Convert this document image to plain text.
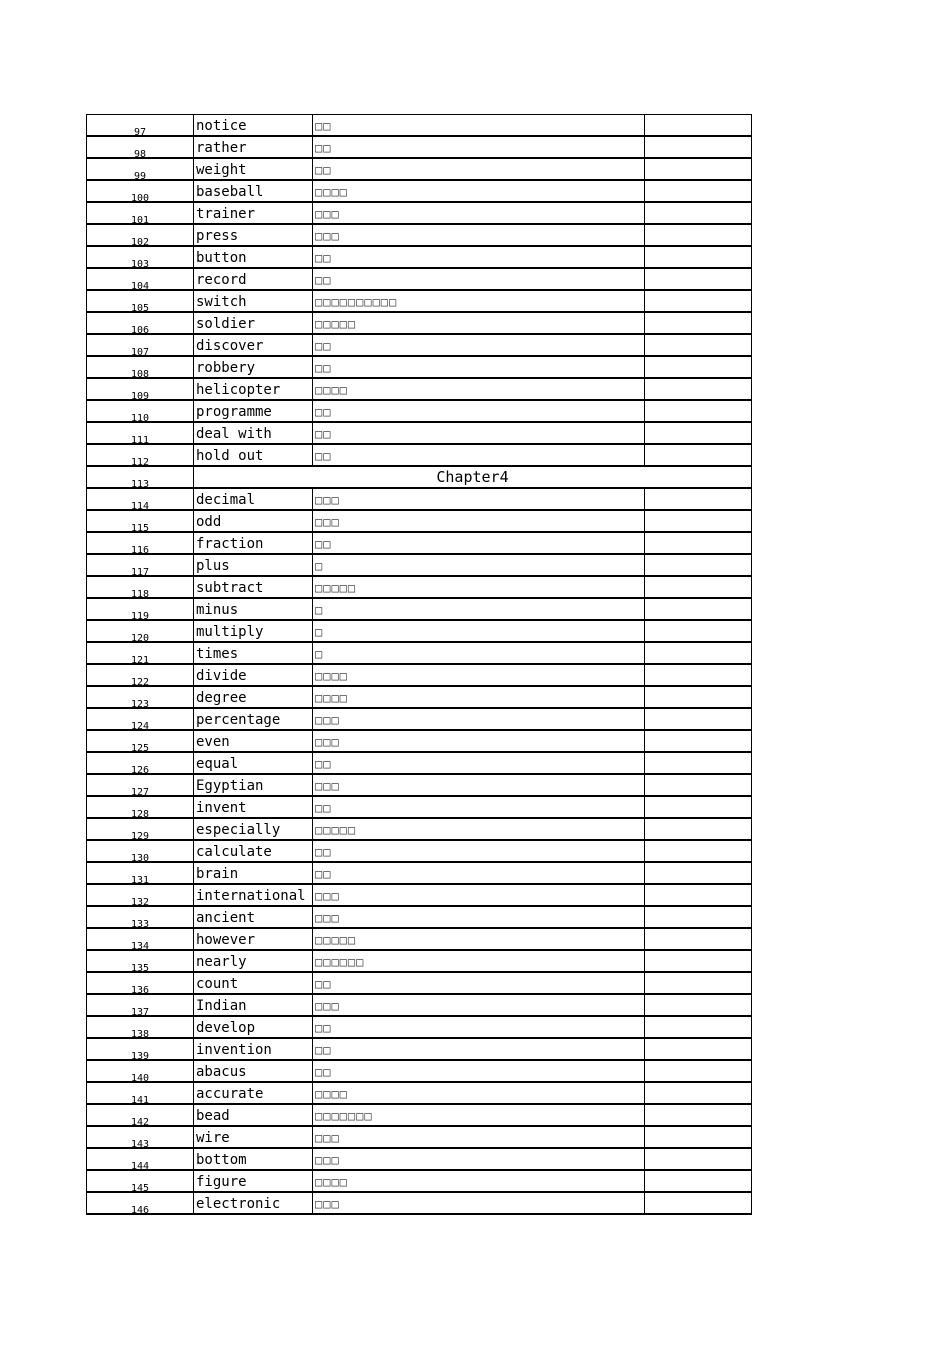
97	notice	□□	
98	rather	□□	
99	weight	□□	
100	baseball	□□□□	
101	trainer	□□□	
102	press	□□□	
103	button	□□	
104	record	□□	
105	switch	□□□□□□□□□□	
106	soldier	□□□□□	
107	discover	□□	
108	robbery	□□	
109	helicopter	□□□□	
110	programme	□□	
111	deal with	□□	
112	hold out	□□	
113	Chapter4		
114	decimal	□□□	
115	odd	□□□	
116	fraction	□□	
117	plus	□	
118	subtract	□□□□□	
119	minus	□	
120	multiply	□	
121	times	□	
122	divide	□□□□	
123	degree	□□□□	
124	percentage	□□□	
125	even	□□□	
126	equal	□□	
127	Egyptian	□□□	
128	invent	□□	
129	especially	□□□□□	
130	calculate	□□	
131	brain	□□	
132	international	□□□	
133	ancient	□□□	
134	however	□□□□□	
135	nearly	□□□□□□	
136	count	□□	
137	Indian	□□□	
138	develop	□□	
139	invention	□□	
140	abacus	□□	
141	accurate	□□□□	
142	bead	□□□□□□□	
143	wire	□□□	
144	bottom	□□□	
145	figure	□□□□	
146	electronic	□□□	
